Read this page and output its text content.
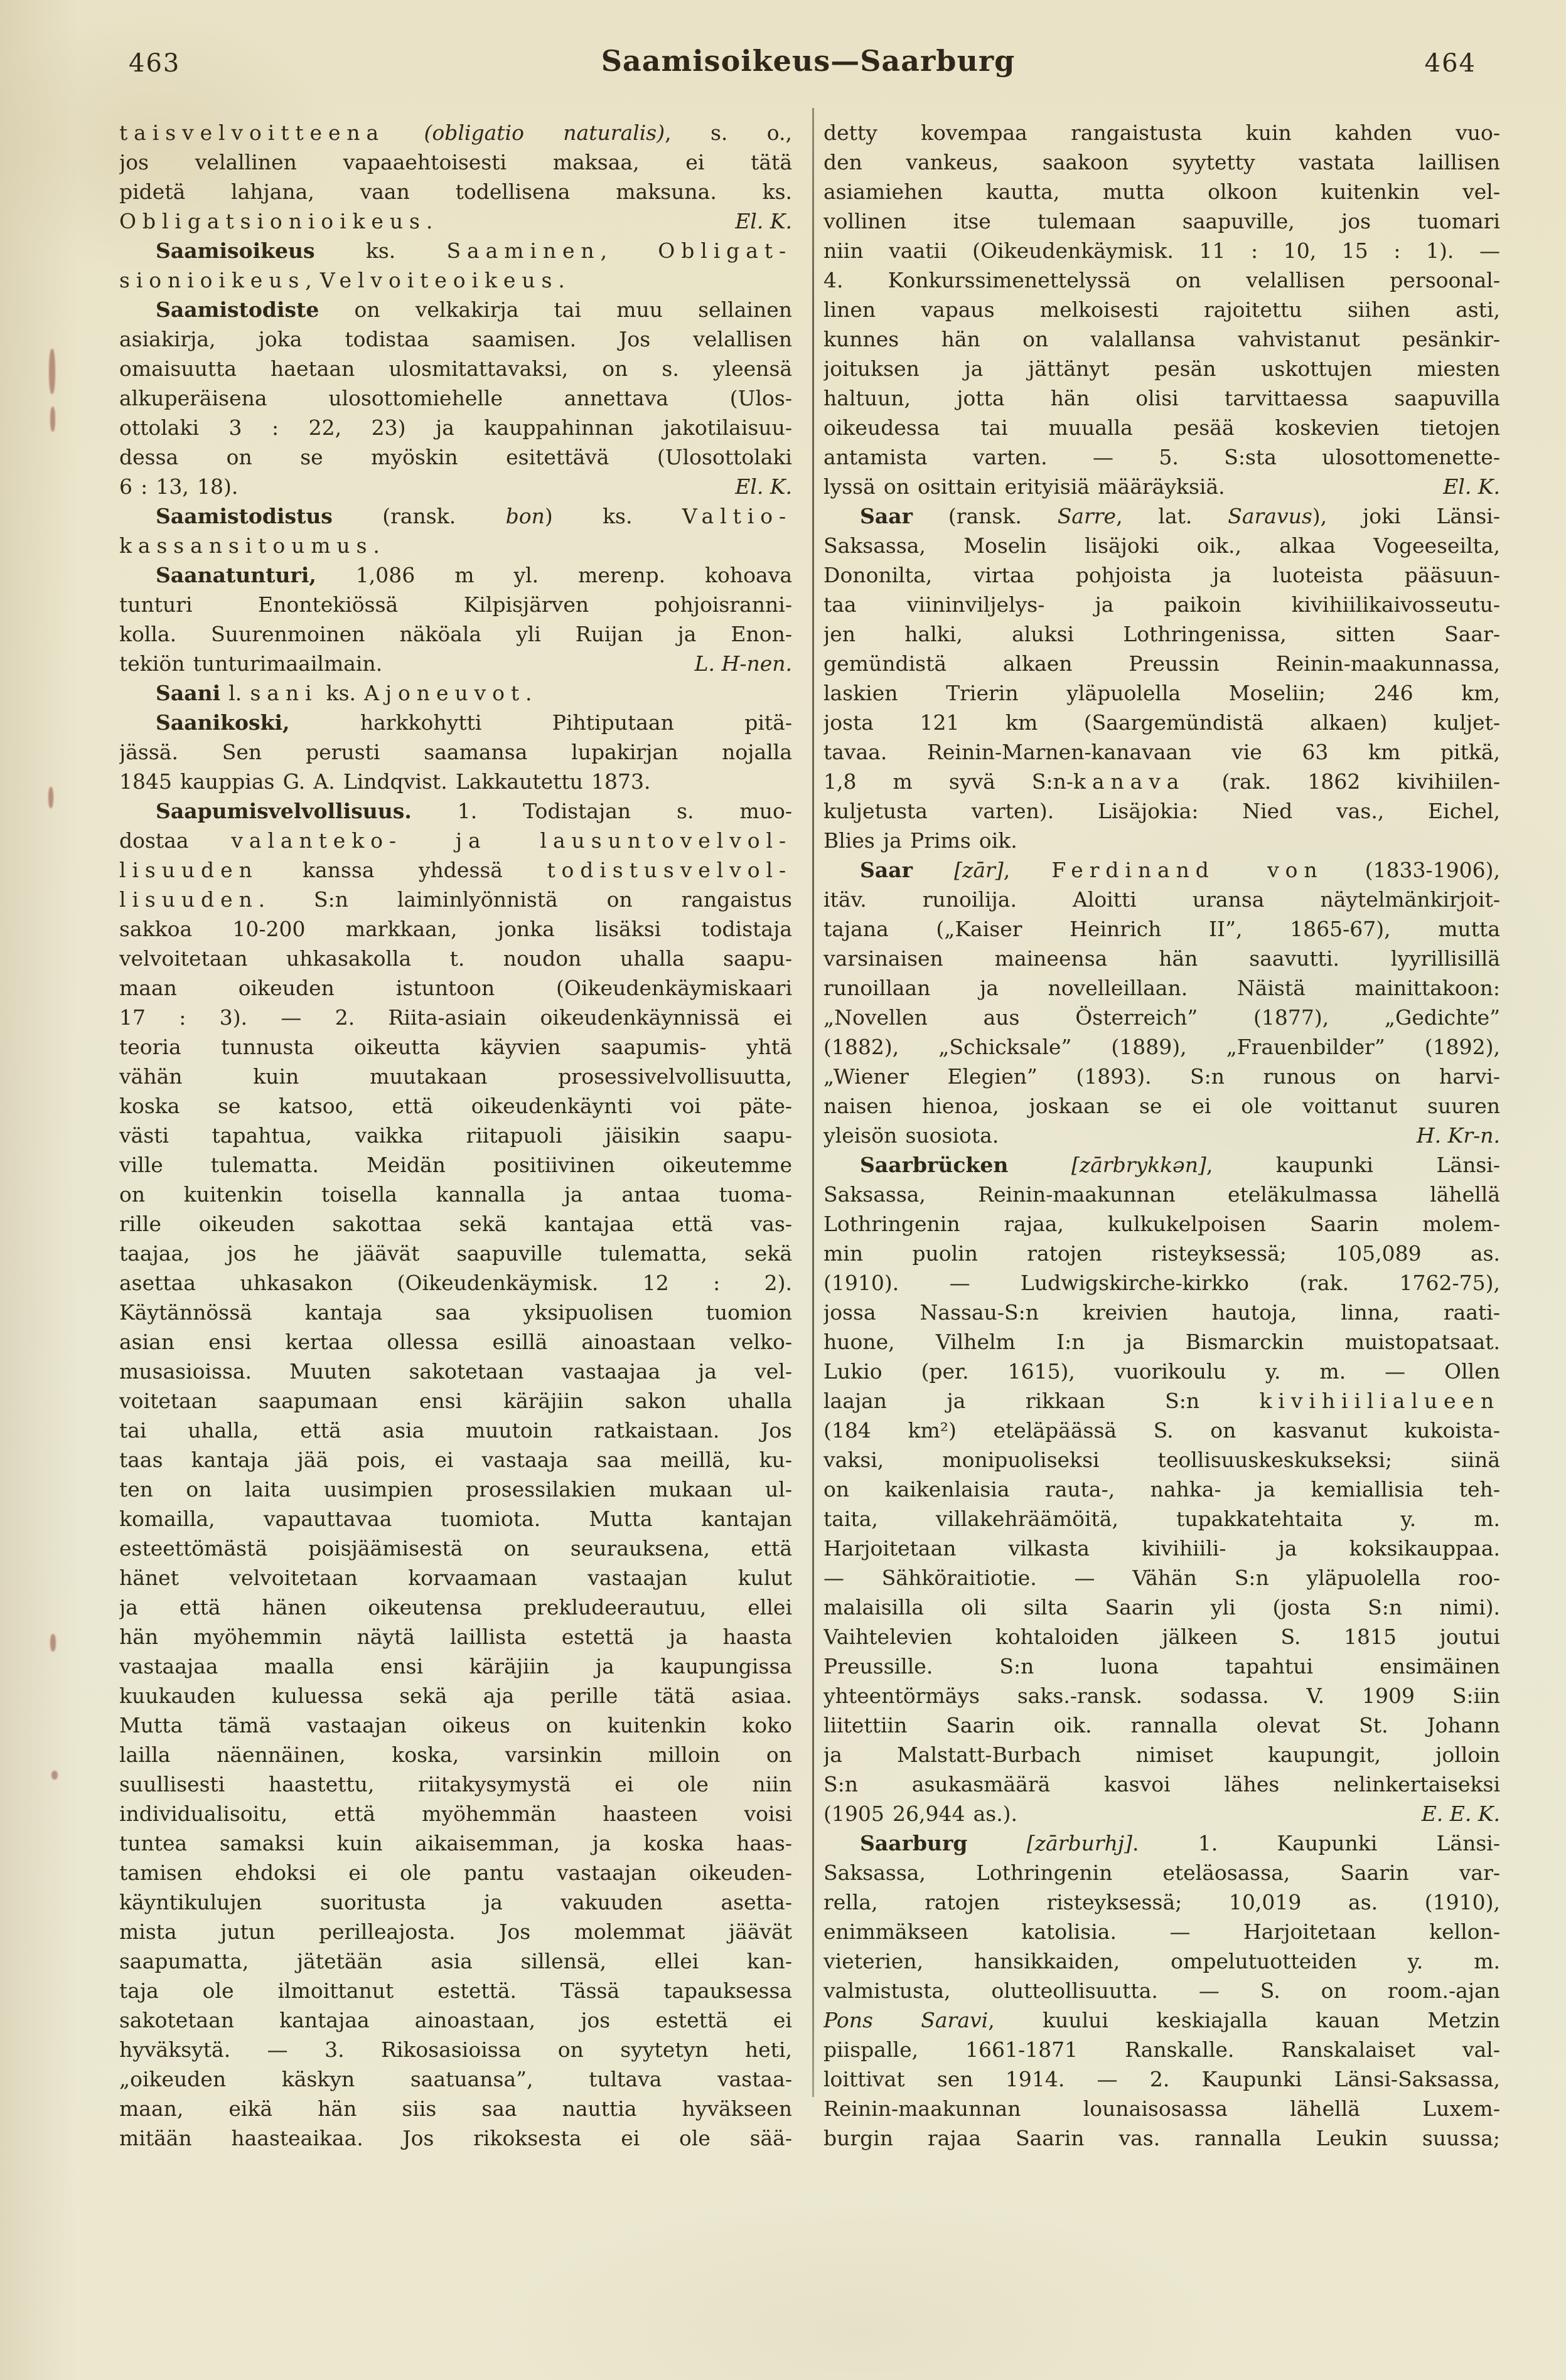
463	Saamisoikeus—Saarburg	464
taisvelvoitteena (obligatio naturalis), s. o.,
jos velallinen vapaaehtoisesti maksaa, ei tätä
pidetä lahjana, vaan todellisena maksuna. ks.
Obligatsionioikeus.	El. K.
Saamisoikeus ks. Saaminen, Obligat-
sionioikeus, Velvoiteoikeus.
Saamistodiste on velkakirja tai muu sellainen
asiakirja, joka todistaa saamisen. Jos velallisen
omaisuutta haetaan ulosmitattavaksi, on s. yleensä
alkuperäisena ulosottomiehelle annettava (Ulos-
ottolaki 3 : 22, 23) ja kauppahinnan jakotilaisuu-
dessa on se myöskin esitettävä (Ulosottolaki
6 : 13, 18).	El. K.
Saamistodistus (ransk. bon) ks. Valtio-
kassansitoumus.
Saanatunturi, 1,086 m yl. merenp. kohoava
tunturi Enontekiössä Kilpisjärven pohjoisranni-
kolla. Suurenmoinen näköala yli Ruijan ja Enon-
tekiön tunturimaailmain.	L. H-nen.
Saani l. sani ks. Ajoneuvot.
Saanikoski, harkkohytti Pihtiputaan pitä-
jässä. Sen perusti saamansa lupakirjan nojalla
1845 kauppias G. A. Lindqvist. Lakkautettu 1873.
Saapumisvelvollisuus. 1. Todistajan s. muo-
dostaa valanteko- ja lausuntovelvol-
lisuuden kanssa yhdessä todistusvelvol-
lisuuden. S:n laiminlyönnistä on rangaistus
sakkoa 10-200 markkaan, jonka lisäksi todistaja
velvoitetaan uhkasakolla t. noudon uhalla saapu-
maan oikeuden istuntoon (Oikeudenkäymiskaari
17 : 3). — 2. Riita-asiain oikeudenkäynnissä ei
teoria tunnusta oikeutta käyvien saapumis- yhtä
vähän kuin muutakaan prosessivelvollisuutta,
koska se katsoo, että oikeudenkäynti voi päte-
västi tapahtua, vaikka riitapuoli jäisikin saapu-
ville tulematta. Meidän positiivinen oikeutemme
on kuitenkin toisella kannalla ja antaa tuoma-
rille oikeuden sakottaa sekä kantajaa että vas-
taajaa, jos he jäävät saapuville tulematta, sekä
asettaa uhkasakon (Oikeudenkäymisk. 12 : 2).
Käytännössä kantaja saa yksipuolisen tuomion
asian ensi kertaa ollessa esillä ainoastaan velko-
musasioissa. Muuten sakotetaan vastaajaa ja vel-
voitetaan saapumaan ensi käräjiin sakon uhalla
tai uhalla, että asia muutoin ratkaistaan. Jos
taas kantaja jää pois, ei vastaaja saa meillä, ku-
ten on laita uusimpien prosessilakien mukaan ul-
komailla, vapauttavaa tuomiota. Mutta kantajan
esteettömästä poisjäämisestä on seurauksena, että
hänet velvoitetaan korvaamaan vastaajan kulut
ja että hänen oikeutensa prekludeerautuu, ellei
hän myöhemmin näytä laillista estettä ja haasta
vastaajaa maalla ensi käräjiin ja kaupungissa
kuukauden kuluessa sekä aja perille tätä asiaa.
Mutta tämä vastaajan oikeus on kuitenkin koko
lailla näennäinen, koska, varsinkin milloin on
suullisesti haastettu, riitakysymystä ei ole niin
individualisoitu, että myöhemmän haasteen voisi
tuntea samaksi kuin aikaisemman, ja koska haas-
tamisen ehdoksi ei ole pantu vastaajan oikeuden-
käyntikulujen suoritusta ja vakuuden asetta-
mista jutun perilleajosta. Jos molemmat jäävät
saapumatta, jätetään asia sillensä, ellei kan-
taja ole ilmoittanut estettä. Tässä tapauksessa
sakotetaan kantajaa ainoastaan, jos estettä ei
hyväksytä. — 3. Rikosasioissa on syytetyn heti,
„oikeuden käskyn saatuansa”, tultava vastaa-
maan, eikä hän siis saa nauttia hyväkseen
mitään haasteaikaa. Jos rikoksesta ei ole sää-
detty kovempaa rangaistusta kuin kahden vuo-
den vankeus, saakoon syytetty vastata laillisen
asiamiehen kautta, mutta olkoon kuitenkin vel-
vollinen itse tulemaan saapuville, jos tuomari
niin vaatii (Oikeudenkäymisk. 11 : 10, 15 : 1). —
4. Konkurssimenettelyssä on velallisen persoonal-
linen vapaus melkoisesti rajoitettu siihen asti,
kunnes hän on valallansa vahvistanut pesänkir-
joituksen ja jättänyt pesän uskottujen miesten
haltuun, jotta hän olisi tarvittaessa saapuvilla
oikeudessa tai muualla pesää koskevien tietojen
antamista varten. — 5. S:sta ulosottomenette-
lyssä on osittain erityisiä määräyksiä.	El. K.
Saar (ransk. Sarre, lat. Saravus), joki Länsi-
Saksassa, Moselin lisäjoki oik., alkaa Vogeeseilta,
Dononilta, virtaa pohjoista ja luoteista pääsuun-
taa viininviljelys- ja paikoin kivihiilikaivosseutu-
jen halki, aluksi Lothringenissa, sitten Saar-
gemündistä alkaen Preussin Reinin-maakunnassa,
laskien Trierin yläpuolella Moseliin; 246 km,
josta 121 km (Saargemündistä alkaen) kuljet-
tavaa. Reinin-Marnen-kanavaan vie 63 km pitkä,
1,8 m syvä S:n-kanava (rak. 1862 kivihiilen-
kuljetusta varten). Lisäjokia: Nied vas., Eichel,
Blies ja Prims oik.
Saar [zār], Ferdinand von (1833-1906),
itäv. runoilija. Aloitti uransa näytelmänkirjoit-
tajana („Kaiser Heinrich II”, 1865-67), mutta
varsinaisen maineensa hän saavutti. lyyrillisillä
runoillaan ja novelleillaan. Näistä mainittakoon:
„Novellen aus Österreich” (1877), „Gedichte”
(1882), „Schicksale” (1889), „Frauenbilder” (1892),
„Wiener Elegien” (1893). S:n runous on harvi-
naisen hienoa, joskaan se ei ole voittanut suuren
yleisön suosiota.	H. Kr-n.
Saarbrücken	[zārbrykkən], kaupunki Länsi-
Saksassa, Reinin-maakunnan eteläkulmassa lähellä
Lothringenin rajaa, kulkukelpoisen Saarin molem-
min puolin ratojen risteyksessä; 105,089 as.
(1910). — Ludwigskirche-kirkko (rak. 1762-75),
jossa Nassau-S:n kreivien hautoja, linna, raati-
huone, Vilhelm I:n ja Bismarckin muistopatsaat.
Lukio (per. 1615), vuorikoulu y. m. — Ollen
laajan ja rikkaan S:n kivihiilialueen
(184 km²) eteläpäässä S. on kasvanut kukoista-
vaksi, monipuoliseksi teollisuuskeskukseksi; siinä
on kaikenlaisia rauta-, nahka- ja kemiallisia teh-
taita, villakehräämöitä, tupakkatehtaita y. m.
Harjoitetaan vilkasta kivihiili- ja koksikauppaa.
— Sähköraitiotie. — Vähän S:n yläpuolella roo-
malaisilla oli silta Saarin yli (josta S:n nimi).
Vaihtelevien kohtaloiden jälkeen S. 1815 joutui
Preussille. S:n luona tapahtui ensimäinen
yhteentörmäys saks.-ransk. sodassa. V. 1909 S:iin
liitettiin Saarin oik. rannalla olevat St. Johann
ja Malstatt-Burbach nimiset kaupungit, jolloin
S:n asukasmäärä kasvoi lähes nelinkertaiseksi
(1905 26,944 as.).	E. E. K.
Saarburg	[zārburhj]. 1. Kaupunki Länsi-
Saksassa, Lothringenin eteläosassa, Saarin var-
rella, ratojen risteyksessä; 10,019 as. (1910),
enimmäkseen katolisia. — Harjoitetaan kellon-
vieterien, hansikkaiden, ompelutuotteiden y. m.
valmistusta, olutteollisuutta. — S. on room.-ajan
Pons Saravi, kuului keskiajalla kauan Metzin
piispalle, 1661-1871 Ranskalle. Ranskalaiset val-
loittivat sen 1914. — 2. Kaupunki Länsi-Saksassa,
Reinin-maakunnan lounaisosassa lähellä Luxem-
burgin rajaa Saarin vas. rannalla Leukin suussa;
